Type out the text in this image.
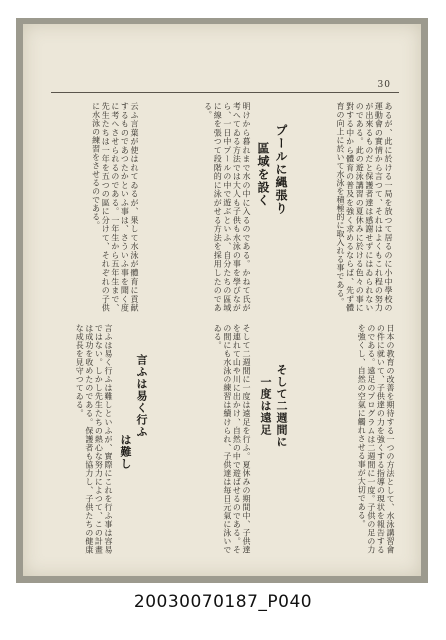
30
あるが、此に於ける一局を放つて居るのに小中學校の運動會の實情から言つて、それはよくもこれ程の努力が出來るものだと保護者達は感謝せずにはゐられないのである。此の遊泳講習の夏休みに於ける色々の事に對する中から體育の普及を強く求めるならば、先ず體育の向上に於いて水泳を積極的に取入れる事である。
プールに縄張り
區域を設く
明けから暮れまで水の中に入るのである。かねて氏が考へてゐる方法では大人も子供も水泳の事を學びながら、一日中プールの中で遊ぶといふ、自分たちの區域に線を張つて段階的に泳がせる方法を採用したのである。
云ふ言葉が使はれてゐるが、果して水泳が體育に貢献するものであつたかといふ事は、さういふ事を聞く度に考へさせられるのである。一年生から五年生まで、先生たちは一年を五つの區に分けて、それぞれの子供に水泳の練習をさせるのである。
日本の教育の改善を期待する一つの方法として、水泳講習會の件に就いて、子供達の力を強くする指導の現状を報告するのである。遠足のプログラムは二週間に一度。子供の足の力を強くし、自然の空氣に觸れさせる事が大切である。
そして二週間に
一度は遠足
そして二週間に一度は遠足を行ふ。夏休みの期間中、子供達を連れて山や川に出かけ、自然の中で遊ばせるのである。その間にも水泳の練習は續けられ、子供達は毎日元氣に泳いでゐる。
言ふは易く行ふ
は難し
言ふは易く行ふは難しといふが、實際にこれを行ふ事は容易ではない。しかし先生たちの熱心な努力によつて、この計畫は成功を收めたのである。保護者も協力し、子供たちの健康な成長を見守つてゐる。
20030070187_P040
